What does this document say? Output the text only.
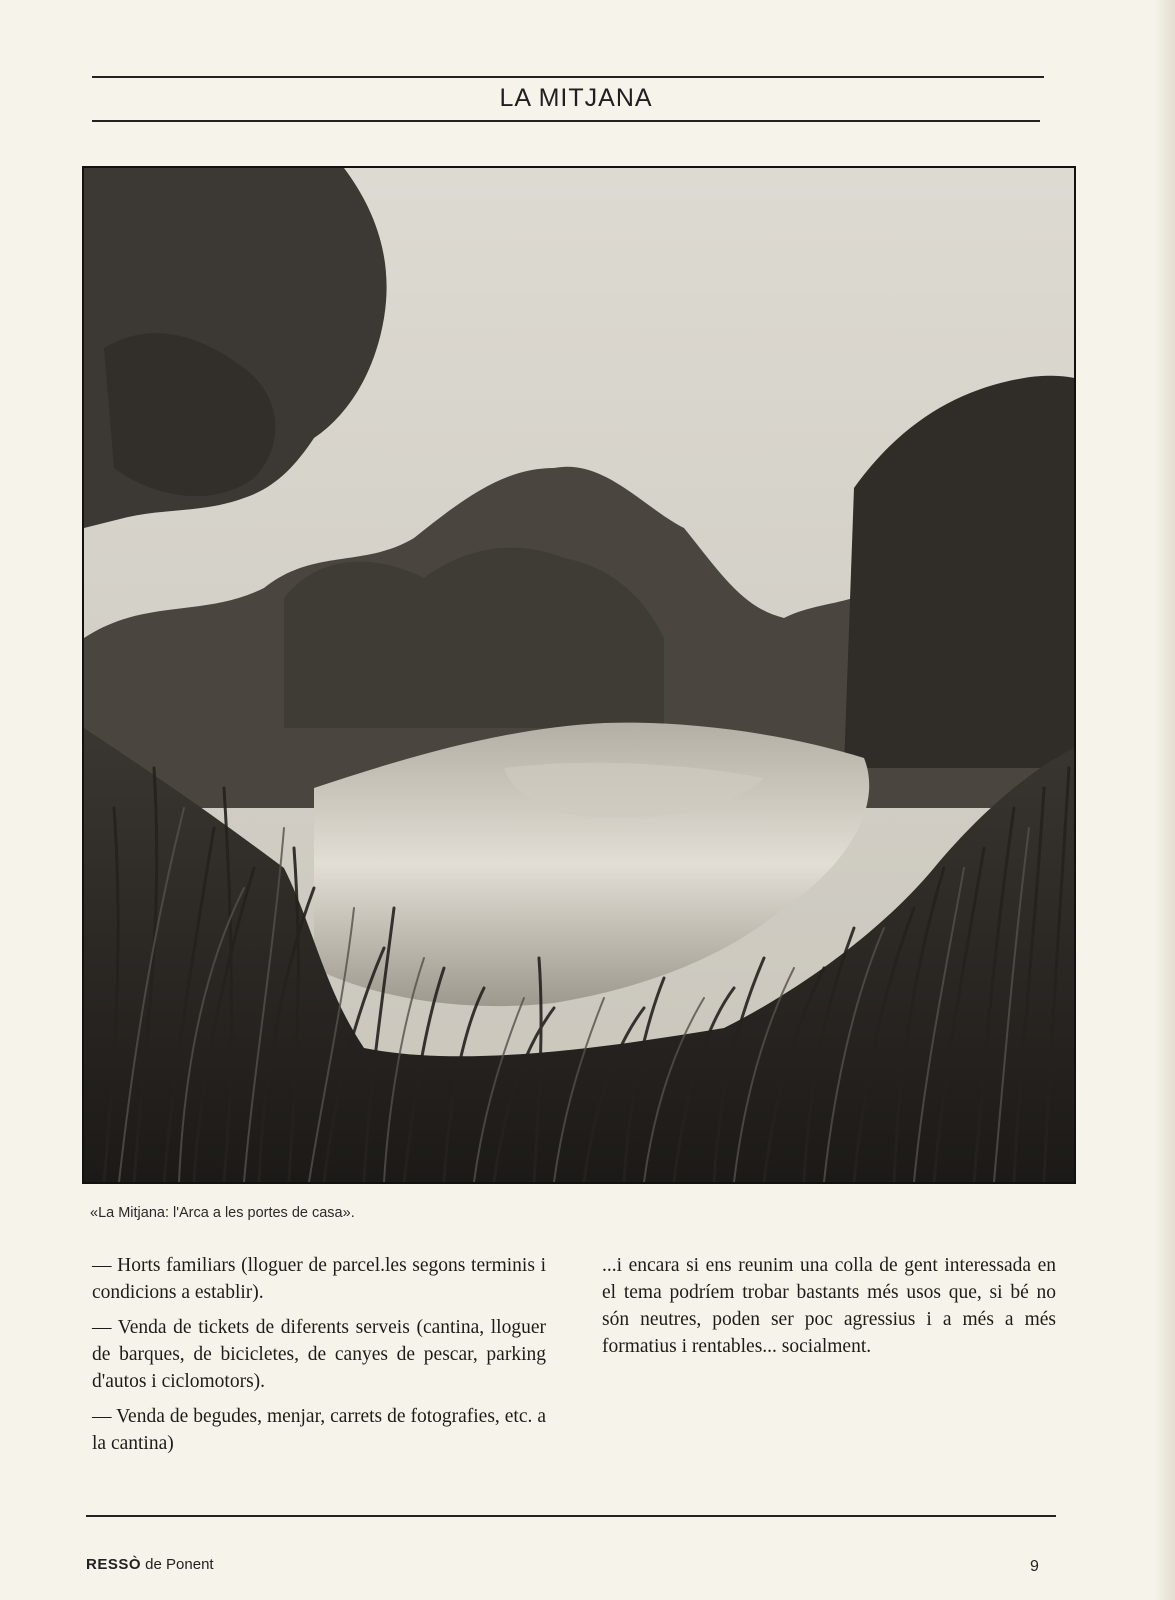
LA MITJANA
«La Mitjana: l'Arca a les portes de casa».

— Horts familiars (lloguer de parcel.les segons terminis i condicions a establir).

— Venda de tickets de diferents serveis (cantina, lloguer de barques, de bicicletes, de canyes de pescar, parking d'autos i ciclomotors).

— Venda de begudes, menjar, carrets de fotografies, etc. a la cantina)

...i encara si ens reunim una colla de gent interessada en el tema podríem trobar bastants més usos que, si bé no són neutres, poden ser poc agressius i a més a més formatius i rentables... socialment.

RESSÒ de Ponent	9
